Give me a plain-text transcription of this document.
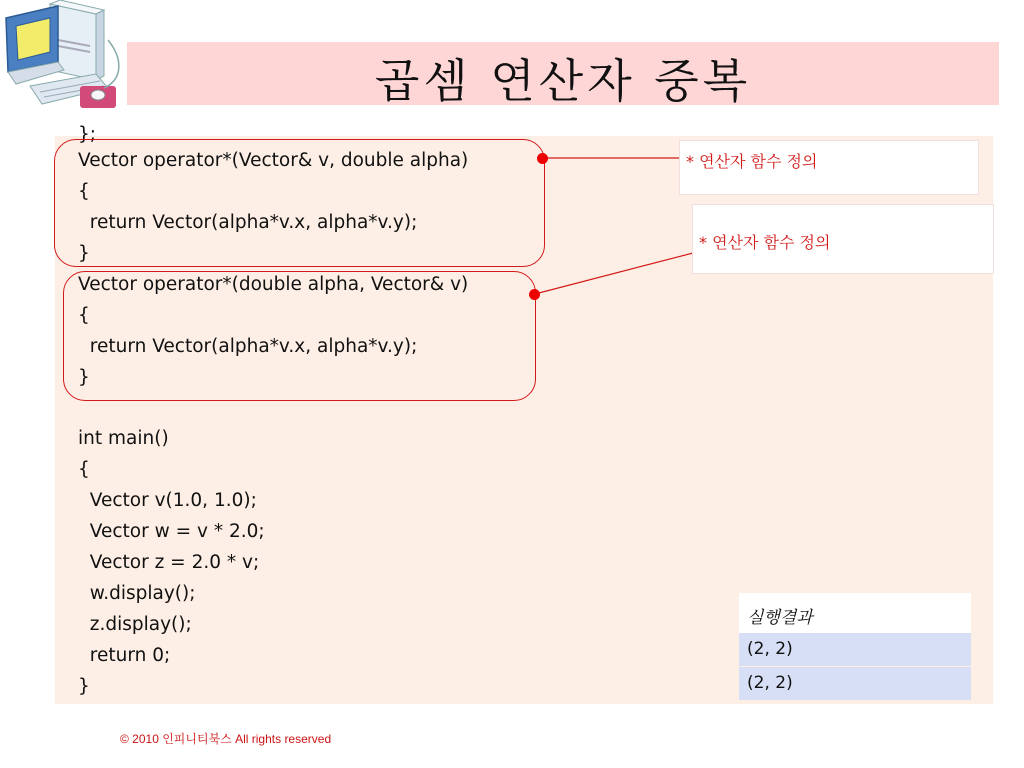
곱셈 연산자 중복
};
Vector operator*(Vector& v, double alpha)
{
return Vector(alpha*v.x, alpha*v.y);
}
Vector operator*(double alpha, Vector& v)
{
return Vector(alpha*v.x, alpha*v.y);
}
int main()
{
Vector v(1.0, 1.0);
Vector w = v * 2.0;
Vector z = 2.0 * v;
w.display();
z.display();
return 0;
}
* 연산자 함수 정의
* 연산자 함수 정의
실행결과
(2, 2)
(2, 2)
© 2010 인피니티북스 All rights reserved
